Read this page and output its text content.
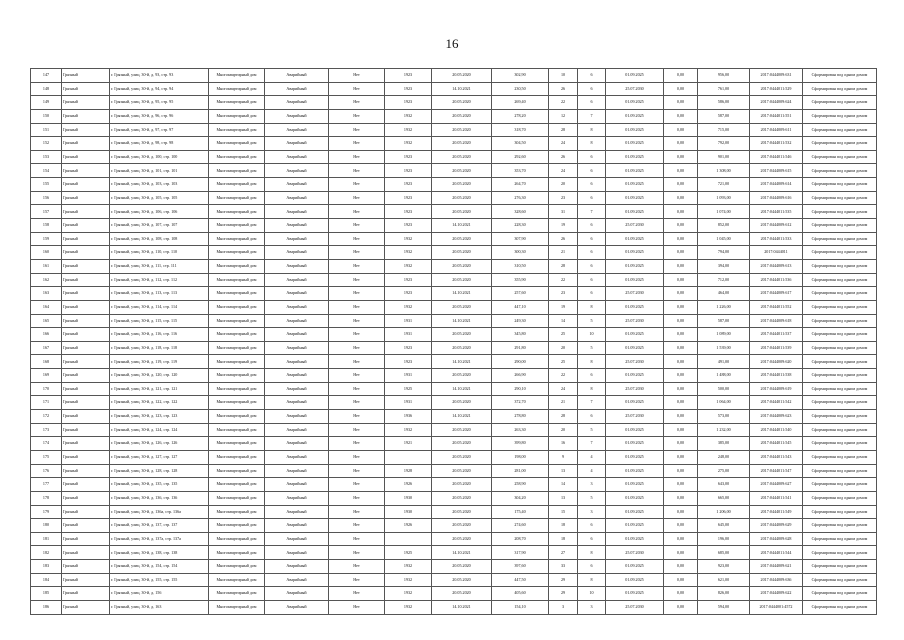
16
147	Грязный	г. Грязный, улиц. 30-й, д. 93, стр. 93	Многоквартирный дом	Аварийный	Нет	1923	20.05.2020	302,90	10	6	01.09.2025	0,00	956,00	2017:0444009:631	Сформирован под одним домом
148	Грязный	г. Грязный, улиц. 30-й, д. 94, стр. 94	Многоквартирный дом	Аварийный	Нет	1923	14.10.2021	230,50	26	6	25.07.2030	0,00	761,00	2017:0444011:529	Сформирован под одним домом
149	Грязный	г. Грязный, улиц. 30-й, д. 95, стр. 95	Многоквартирный дом	Аварийный	Нет	1923	20.05.2020	269,40	22	6	01.09.2025	0,00	586,00	2017:0444009:624	Сформирован под одним домом
150	Грязный	г. Грязный, улиц. 30-й, д. 96, стр. 96	Многоквартирный дом	Аварийный	Нет	1932	20.05.2020	278,20	12	7	01.09.2025	0,00	587,00	2017:0444011:551	Сформирован под одним домом
151	Грязный	г. Грязный, улиц. 30-й, д. 97, стр. 97	Многоквартирный дом	Аварийный	Нет	1932	20.05.2020	318,70	28	8	01.09.2025	0,00	715,00	2017:0444009:611	Сформирован под одним домом
152	Грязный	г. Грязный, улиц. 30-й, д. 98, стр. 98	Многоквартирный дом	Аварийный	Нет	1932	20.05.2020	304,50	24	8	01.09.2025	0,00	792,00	2017:0444011:532	Сформирован под одним домом
153	Грязный	г. Грязный, улиц. 30-й, д. 100, стр. 100	Многоквартирный дом	Аварийный	Нет	1923	20.05.2020	292,60	26	6	01.09.2025	0,00	901,00	2017:0444011:546	Сформирован под одним домом
154	Грязный	г. Грязный, улиц. 30-й, д. 101, стр. 101	Многоквартирный дом	Аварийный	Нет	1923	20.05.2020	353,70	24	6	01.09.2025	0,00	1 308,00	2017:0444009:615	Сформирован под одним домом
155	Грязный	г. Грязный, улиц. 30-й, д. 103, стр. 103	Многоквартирный дом	Аварийный	Нет	1923	20.05.2020	264,70	20	6	01.09.2025	0,00	721,00	2017:0444009:614	Сформирован под одним домом
156	Грязный	г. Грязный, улиц. 30-й, д. 105, стр. 105	Многоквартирный дом	Аварийный	Нет	1923	20.05.2020	276,30	23	6	01.09.2025	0,00	1 093,00	2017:0444009:616	Сформирован под одним домом
157	Грязный	г. Грязный, улиц. 30-й, д. 106, стр. 106	Многоквартирный дом	Аварийный	Нет	1923	20.05.2020	328,60	31	7	01.09.2025	0,00	1 074,00	2017:0444011:535	Сформирован под одним домом
158	Грязный	г. Грязный, улиц. 30-й, д. 107, стр. 107	Многоквартирный дом	Аварийный	Нет	1923	14.10.2021	228,30	19	6	25.07.2030	0,00	852,00	2017:0444009:612	Сформирован под одним домом
159	Грязный	г. Грязный, улиц. 30-й, д. 108, стр. 108	Многоквартирный дом	Аварийный	Нет	1932	20.05.2020	307,90	26	6	01.09.2025	0,00	1 045,00	2017:0444011:533	Сформирован под одним домом
160	Грязный	г. Грязный, улиц. 30-й, д. 110, стр. 110	Многоквартирный дом	Аварийный	Нет	1932	20.05.2020	300,30	21	6	01.09.2025	0,00	794,00	2017:0444011	Сформирован под одним домом
161	Грязный	г. Грязный, улиц. 30-й, д. 111, стр. 111	Многоквартирный дом	Аварийный	Нет	1932	20.05.2020	310,50	28	6	01.09.2025	0,00	394,00	2017:0444009:613	Сформирован под одним домом
162	Грязный	г. Грязный, улиц. 30-й, д. 112, стр. 112	Многоквартирный дом	Аварийный	Нет	1923	20.05.2020	355,90	22	6	01.09.2025	0,00	712,00	2017:0444011:536	Сформирован под одним домом
163	Грязный	г. Грязный, улиц. 30-й, д. 113, стр. 113	Многоквартирный дом	Аварийный	Нет	1923	14.10.2021	257,60	23	6	25.07.2030	0,00	464,00	2017:0444009:617	Сформирован под одним домом
164	Грязный	г. Грязный, улиц. 30-й, д. 114, стр. 114	Многоквартирный дом	Аварийный	Нет	1932	20.05.2020	447,10	19	8	01.09.2025	0,00	1 226,00	2017:0444011:552	Сформирован под одним домом
165	Грязный	г. Грязный, улиц. 30-й, д. 115, стр. 115	Многоквартирный дом	Аварийный	Нет	1931	14.10.2021	249,30	14	5	25.07.2030	0,00	587,00	2017:0444009:618	Сформирован под одним домом
166	Грязный	г. Грязный, улиц. 30-й, д. 116, стр. 116	Многоквартирный дом	Аварийный	Нет	1931	20.05.2020	345,80	25	10	01.09.2025	0,00	1 089,00	2017:0444011:537	Сформирован под одним домом
167	Грязный	г. Грязный, улиц. 30-й, д. 118, стр. 118	Многоквартирный дом	Аварийный	Нет	1923	20.05.2020	291,80	20	5	01.09.2025	0,00	1 539,00	2017:0444011:539	Сформирован под одним домом
168	Грязный	г. Грязный, улиц. 30-й, д. 119, стр. 119	Многоквартирный дом	Аварийный	Нет	1923	14.10.2021	290,00	25	8	25.07.2030	0,00	491,00	2017:0444009:620	Сформирован под одним домом
169	Грязный	г. Грязный, улиц. 30-й, д. 120, стр. 120	Многоквартирный дом	Аварийный	Нет	1931	20.05.2020	266,90	22	6	01.09.2025	0,00	1 488,00	2017:0444011:538	Сформирован под одним домом
170	Грязный	г. Грязный, улиц. 30-й, д. 121, стр. 121	Многоквартирный дом	Аварийный	Нет	1925	14.10.2021	290,10	24	8	25.07.2030	0,00	500,00	2017:0444009:619	Сформирован под одним домом
171	Грязный	г. Грязный, улиц. 30-й, д. 122, стр. 122	Многоквартирный дом	Аварийный	Нет	1931	20.05.2020	372,70	21	7	01.09.2025	0,00	1 064,00	2017:0444011:542	Сформирован под одним домом
172	Грязный	г. Грязный, улиц. 30-й, д. 123, стр. 123	Многоквартирный дом	Аварийный	Нет	1936	14.10.2021	278,80	28	6	25.07.2030	0,00	573,00	2017:0444009:623	Сформирован под одним домом
173	Грязный	г. Грязный, улиц. 30-й, д. 124, стр. 124	Многоквартирный дом	Аварийный	Нет	1932	20.05.2020	263,30	20	5	01.09.2025	0,00	1 232,00	2017:0444011:540	Сформирован под одним домом
174	Грязный	г. Грязный, улиц. 30-й, д. 126, стр. 126	Многоквартирный дом	Аварийный	Нет	1921	20.05.2020	399,80	16	7	01.09.2025	0,00	385,00	2017:0444011:545	Сформирован под одним домом
175	Грязный	г. Грязный, улиц. 30-й, д. 127, стр. 127	Многоквартирный дом	Аварийный	Нет		20.05.2020	198,00	9	4	01.09.2025	0,00	248,00	2017:0444011:543	Сформирован под одним домом
176	Грязный	г. Грязный, улиц. 30-й, д. 128, стр. 128	Многоквартирный дом	Аварийный	Нет	1928	20.05.2020	281,00	13	4	01.09.2025	0,00	275,00	2017:0444011:547	Сформирован под одним домом
177	Грязный	г. Грязный, улиц. 30-й, д. 135, стр. 135	Многоквартирный дом	Аварийный	Нет	1926	20.05.2020	258,90	14	3	01.09.2025	0,00	643,00	2017:0444009:627	Сформирован под одним домом
178	Грязный	г. Грязный, улиц. 30-й, д. 136, стр. 136	Многоквартирный дом	Аварийный	Нет	1930	20.05.2020	304,20	13	5	01.09.2025	0,00	665,00	2017:0444011:541	Сформирован под одним домом
179	Грязный	г. Грязный, улиц. 30-й, д. 136а, стр. 136а	Многоквартирный дом	Аварийный	Нет	1930	20.05.2020	175,40	15	3	01.09.2025	0,00	1 206,00	2017:0444011:549	Сформирован под одним домом
180	Грязный	г. Грязный, улиц. 30-й, д. 137, стр. 137	Многоквартирный дом	Аварийный	Нет	1926	20.05.2020	274,60	18	6	01.09.2025	0,00	645,00	2017:0444009:629	Сформирован под одним домом
181	Грязный	г. Грязный, улиц. 30-й, д. 137а, стр. 137а	Многоквартирный дом	Аварийный	Нет		20.05.2020	208,70	18	6	01.09.2025	0,00	196,00	2017:0444009:628	Сформирован под одним домом
182	Грязный	г. Грязный, улиц. 30-й, д. 138, стр. 138	Многоквартирный дом	Аварийный	Нет	1925	14.10.2021	317,90	27	8	25.07.2030	0,00	685,00	2017:0444011:544	Сформирован под одним домом
183	Грязный	г. Грязный, улиц. 30-й, д. 154, стр. 154	Многоквартирный дом	Аварийный	Нет	1932	20.05.2020	397,60	33	6	01.09.2025	0,00	923,00	2017:0444009:621	Сформирован под одним домом
184	Грязный	г. Грязный, улиц. 30-й, д. 155, стр. 155	Многоквартирный дом	Аварийный	Нет	1932	20.05.2020	447,50	29	8	01.09.2025	0,00	621,00	2017:0444009:636	Сформирован под одним домом
185	Грязный	г. Грязный, улиц. 30-й, д. 156	Многоквартирный дом	Аварийный	Нет	1932	20.05.2020	405,60	29	10	01.09.2025	0,00	826,00	2017:0444009:622	Сформирован под одним домом
186	Грязный	г. Грязный, улиц. 30-й, д. 163	Многоквартирный дом	Аварийный	Нет	1932	14.10.2021	154,10	3	3	25.07.2030	0,00	594,00	2017:0444001:4572	Сформирован под одним домом
